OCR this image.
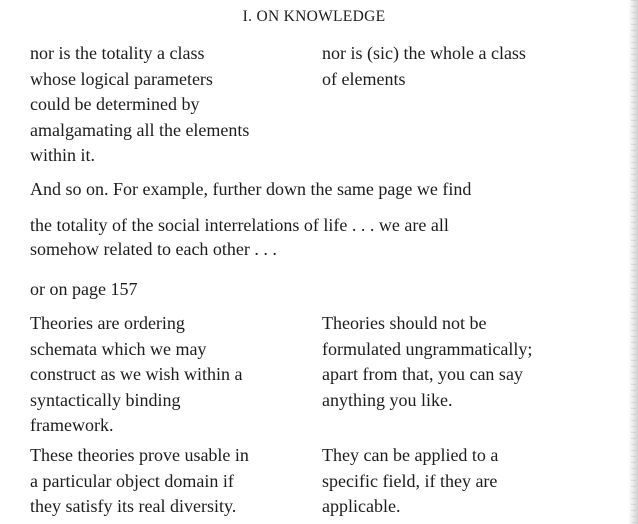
I. ON KNOWLEDGE
nor is the totality a class
whose logical parameters
could be determined by
amalgamating all the elements
within it.
nor is (sic) the whole a class
of elements
And so on. For example, further down the same page we find
the totality of the social interrelations of life . . . we are all
somehow related to each other . . .
or on page 157
Theories are ordering
schemata which we may
construct as we wish within a
syntactically binding
framework.
Theories should not be
formulated ungrammatically;
apart from that, you can say
anything you like.
These theories prove usable in
a particular object domain if
they satisfy its real diversity.
They can be applied to a
specific field, if they are
applicable.
